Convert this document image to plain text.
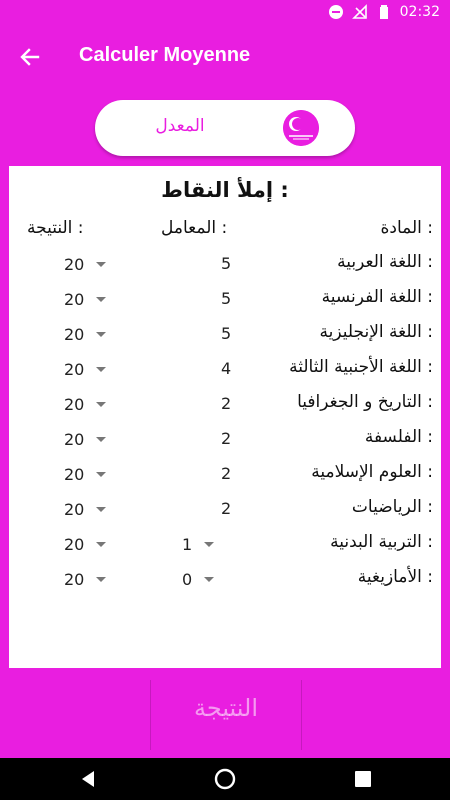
02:32
Calculer Moyenne
المعدل
إملأ النقاط :
المادة :
المعامل :
النتيجة :
اللغة العربية :
5
20
اللغة الفرنسية :
5
20
اللغة الإنجليزية :
5
20
اللغة الأجنبية الثالثة :
4
20
التاريخ و الجغرافيا :
2
20
الفلسفة :
2
20
العلوم الإسلامية :
2
20
الرياضيات :
2
20
التربية البدنية :
1
20
الأمازيغية :
0
20
النتيجة
